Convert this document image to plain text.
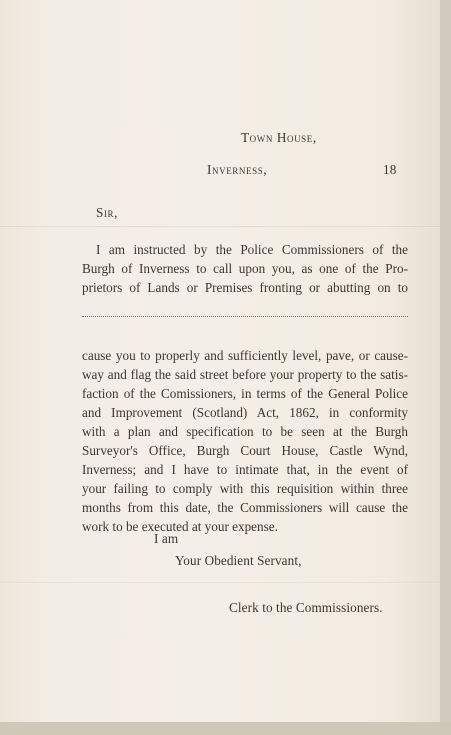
Town House,
Inverness,	18
Sir,
I am instructed by the Police Commissioners of the
Burgh of Inverness to call upon you, as one of the Pro-
prietors of Lands or Premises fronting or abutting on to
cause you to properly and sufficiently level, pave, or cause-
way and flag the said street before your property to the satis-
faction of the Comissioners, in terms of the General Police
and Improvement (Scotland) Act, 1862, in conformity
with a plan and specification to be seen at the Burgh
Surveyor's Office, Burgh Court House, Castle Wynd,
Inverness; and I have to intimate that, in the event of
your failing to comply with this requisition within three
months from this date, the Commissioners will cause the
work to be executed at your expense.
I am
Your Obedient Servant,
Clerk to the Commissioners.
